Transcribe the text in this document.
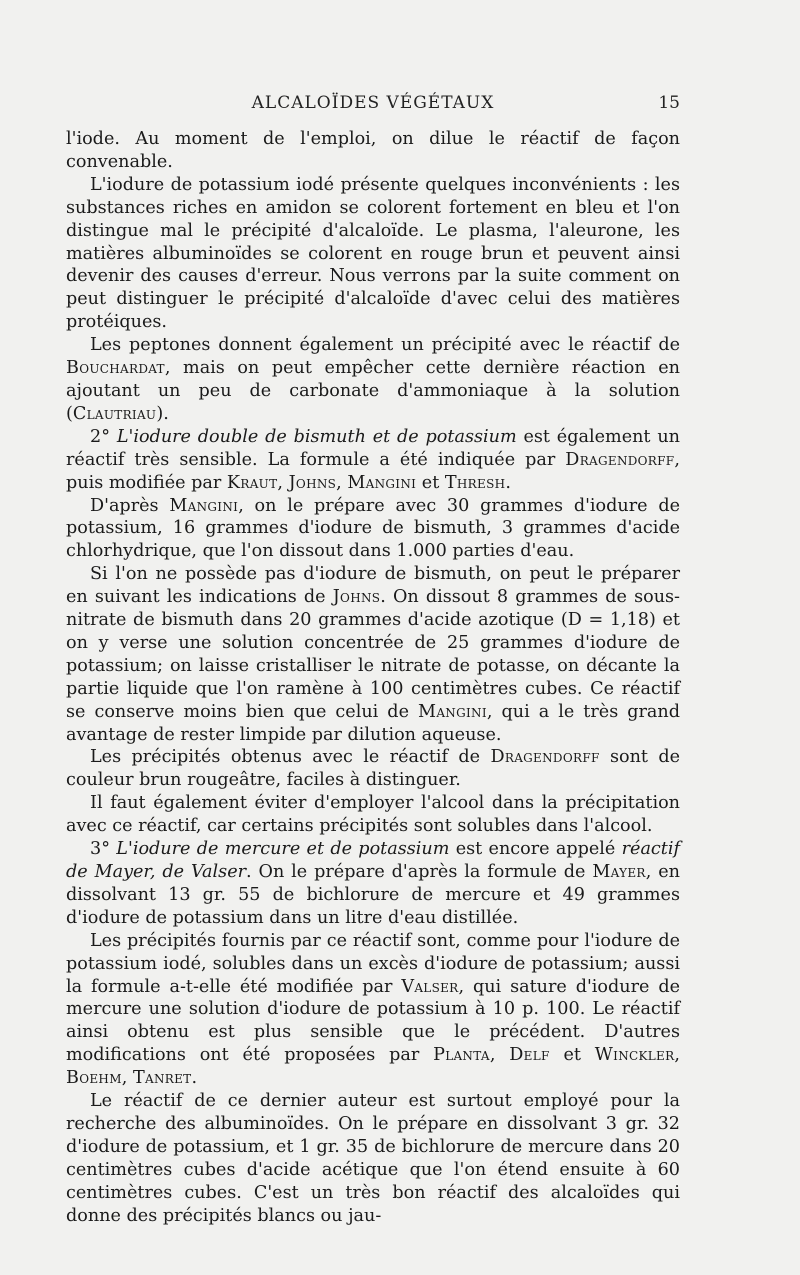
ALCALOÏDES VÉGÉTAUX	15

l'iode. Au moment de l'emploi, on dilue le réactif de façon convenable.

L'iodure de potassium iodé présente quelques inconvénients : les substances riches en amidon se colorent fortement en bleu et l'on distingue mal le précipité d'alcaloïde. Le plasma, l'aleurone, les matières albuminoïdes se colorent en rouge brun et peuvent ainsi devenir des causes d'erreur. Nous verrons par la suite comment on peut distinguer le précipité d'alcaloïde d'avec celui des matières protéiques.

Les peptones donnent également un précipité avec le réactif de Bouchardat, mais on peut empêcher cette dernière réaction en ajoutant un peu de carbonate d'ammoniaque à la solution (Clautriau).

2° L'iodure double de bismuth et de potassium est également un réactif très sensible. La formule a été indiquée par Dragendorff, puis modifiée par Kraut, Johns, Mangini et Thresh.

D'après Mangini, on le prépare avec 30 grammes d'iodure de potassium, 16 grammes d'iodure de bismuth, 3 grammes d'acide chlorhydrique, que l'on dissout dans 1.000 parties d'eau.

Si l'on ne possède pas d'iodure de bismuth, on peut le préparer en suivant les indications de Johns. On dissout 8 grammes de sous-nitrate de bismuth dans 20 grammes d'acide azotique (D = 1,18) et on y verse une solution concentrée de 25 grammes d'iodure de potassium; on laisse cristalliser le nitrate de potasse, on décante la partie liquide que l'on ramène à 100 centimètres cubes. Ce réactif se conserve moins bien que celui de Mangini, qui a le très grand avantage de rester limpide par dilution aqueuse.

Les précipités obtenus avec le réactif de Dragendorff sont de couleur brun rougeâtre, faciles à distinguer.

Il faut également éviter d'employer l'alcool dans la précipitation avec ce réactif, car certains précipités sont solubles dans l'alcool.

3° L'iodure de mercure et de potassium est encore appelé réactif de Mayer, de Valser. On le prépare d'après la formule de Mayer, en dissolvant 13 gr. 55 de bichlorure de mercure et 49 grammes d'iodure de potassium dans un litre d'eau distillée.

Les précipités fournis par ce réactif sont, comme pour l'iodure de potassium iodé, solubles dans un excès d'iodure de potassium; aussi la formule a-t-elle été modifiée par Valser, qui sature d'iodure de mercure une solution d'iodure de potassium à 10 p. 100. Le réactif ainsi obtenu est plus sensible que le précédent. D'autres modifications ont été proposées par Planta, Delf et Winckler, Boehm, Tanret.

Le réactif de ce dernier auteur est surtout employé pour la recherche des albuminoïdes. On le prépare en dissolvant 3 gr. 32 d'iodure de potassium, et 1 gr. 35 de bichlorure de mercure dans 20 centimètres cubes d'acide acétique que l'on étend ensuite à 60 centimètres cubes. C'est un très bon réactif des alcaloïdes qui donne des précipités blancs ou jau-
